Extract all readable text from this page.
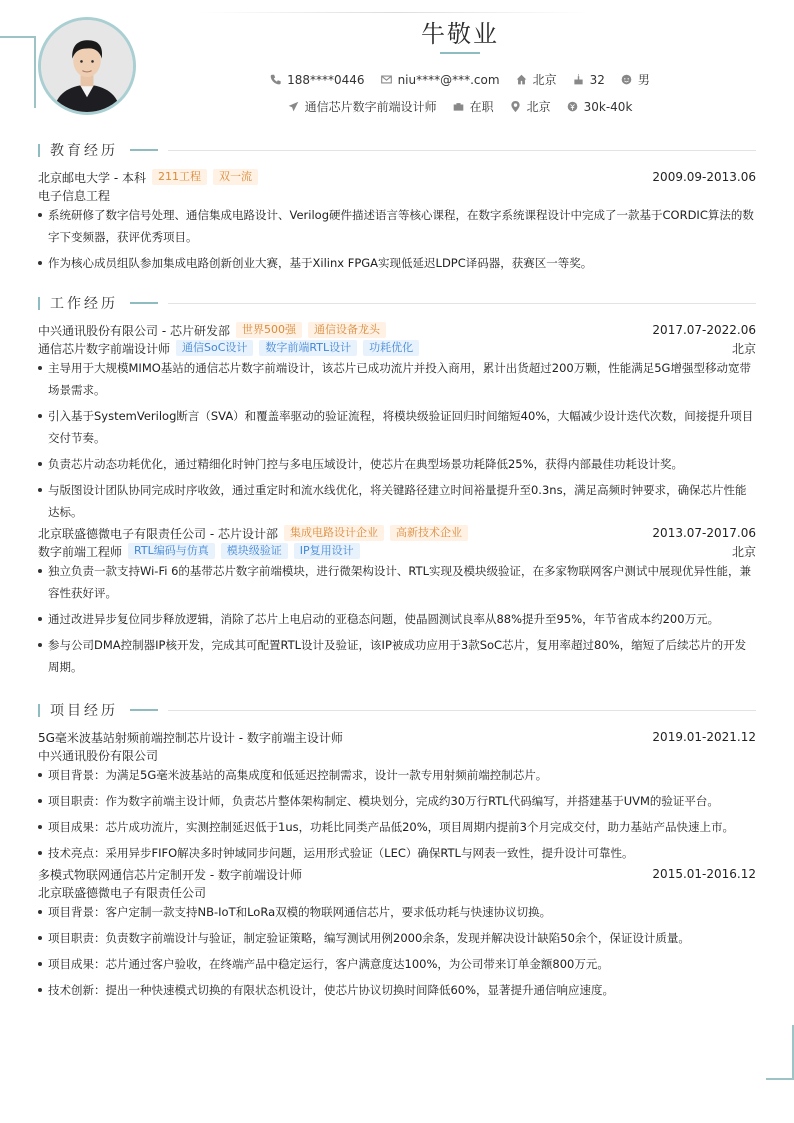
牛敬业
188****0446	niu****@***.com	北京	32	男
通信芯片数字前端设计师	在职	北京	30k-40k
教育经历
北京邮电大学 - 本科	211工程	双一流	2009.09-2013.06
电子信息工程
系统研修了数字信号处理、通信集成电路设计、Verilog硬件描述语言等核心课程，在数字系统课程设计中完成了一款基于CORDIC算法的数字下变频器，获评优秀项目。
作为核心成员组队参加集成电路创新创业大赛，基于Xilinx FPGA实现低延迟LDPC译码器，获赛区一等奖。
工作经历
中兴通讯股份有限公司 - 芯片研发部	世界500强	通信设备龙头	2017.07-2022.06
通信芯片数字前端设计师	通信SoC设计	数字前端RTL设计	功耗优化	北京
主导用于大规模MIMO基站的通信芯片数字前端设计，该芯片已成功流片并投入商用，累计出货超过200万颗，性能满足5G增强型移动宽带场景需求。
引入基于SystemVerilog断言（SVA）和覆盖率驱动的验证流程，将模块级验证回归时间缩短40%，大幅减少设计迭代次数，间接提升项目交付节奏。
负责芯片动态功耗优化，通过精细化时钟门控与多电压域设计，使芯片在典型场景功耗降低25%，获得内部最佳功耗设计奖。
与版图设计团队协同完成时序收敛，通过重定时和流水线优化，将关键路径建立时间裕量提升至0.3ns，满足高频时钟要求，确保芯片性能达标。
北京联盛德微电子有限责任公司 - 芯片设计部	集成电路设计企业	高新技术企业	2013.07-2017.06
数字前端工程师	RTL编码与仿真	模块级验证	IP复用设计	北京
独立负责一款支持Wi-Fi 6的基带芯片数字前端模块，进行微架构设计、RTL实现及模块级验证，在多家物联网客户测试中展现优异性能，兼容性获好评。
通过改进异步复位同步释放逻辑，消除了芯片上电启动的亚稳态问题，使晶圆测试良率从88%提升至95%，年节省成本约200万元。
参与公司DMA控制器IP核开发，完成其可配置RTL设计及验证，该IP被成功应用于3款SoC芯片，复用率超过80%，缩短了后续芯片的开发周期。
项目经历
5G毫米波基站射频前端控制芯片设计 - 数字前端主设计师	2019.01-2021.12
中兴通讯股份有限公司
项目背景：为满足5G毫米波基站的高集成度和低延迟控制需求，设计一款专用射频前端控制芯片。
项目职责：作为数字前端主设计师，负责芯片整体架构制定、模块划分，完成约30万行RTL代码编写，并搭建基于UVM的验证平台。
项目成果：芯片成功流片，实测控制延迟低于1us，功耗比同类产品低20%，项目周期内提前3个月完成交付，助力基站产品快速上市。
技术亮点：采用异步FIFO解决多时钟域同步问题，运用形式验证（LEC）确保RTL与网表一致性，提升设计可靠性。
多模式物联网通信芯片定制开发 - 数字前端设计师	2015.01-2016.12
北京联盛德微电子有限责任公司
项目背景：客户定制一款支持NB-IoT和LoRa双模的物联网通信芯片，要求低功耗与快速协议切换。
项目职责：负责数字前端设计与验证，制定验证策略，编写测试用例2000余条，发现并解决设计缺陷50余个，保证设计质量。
项目成果：芯片通过客户验收，在终端产品中稳定运行，客户满意度达100%，为公司带来订单金额800万元。
技术创新：提出一种快速模式切换的有限状态机设计，使芯片协议切换时间降低60%，显著提升通信响应速度。
